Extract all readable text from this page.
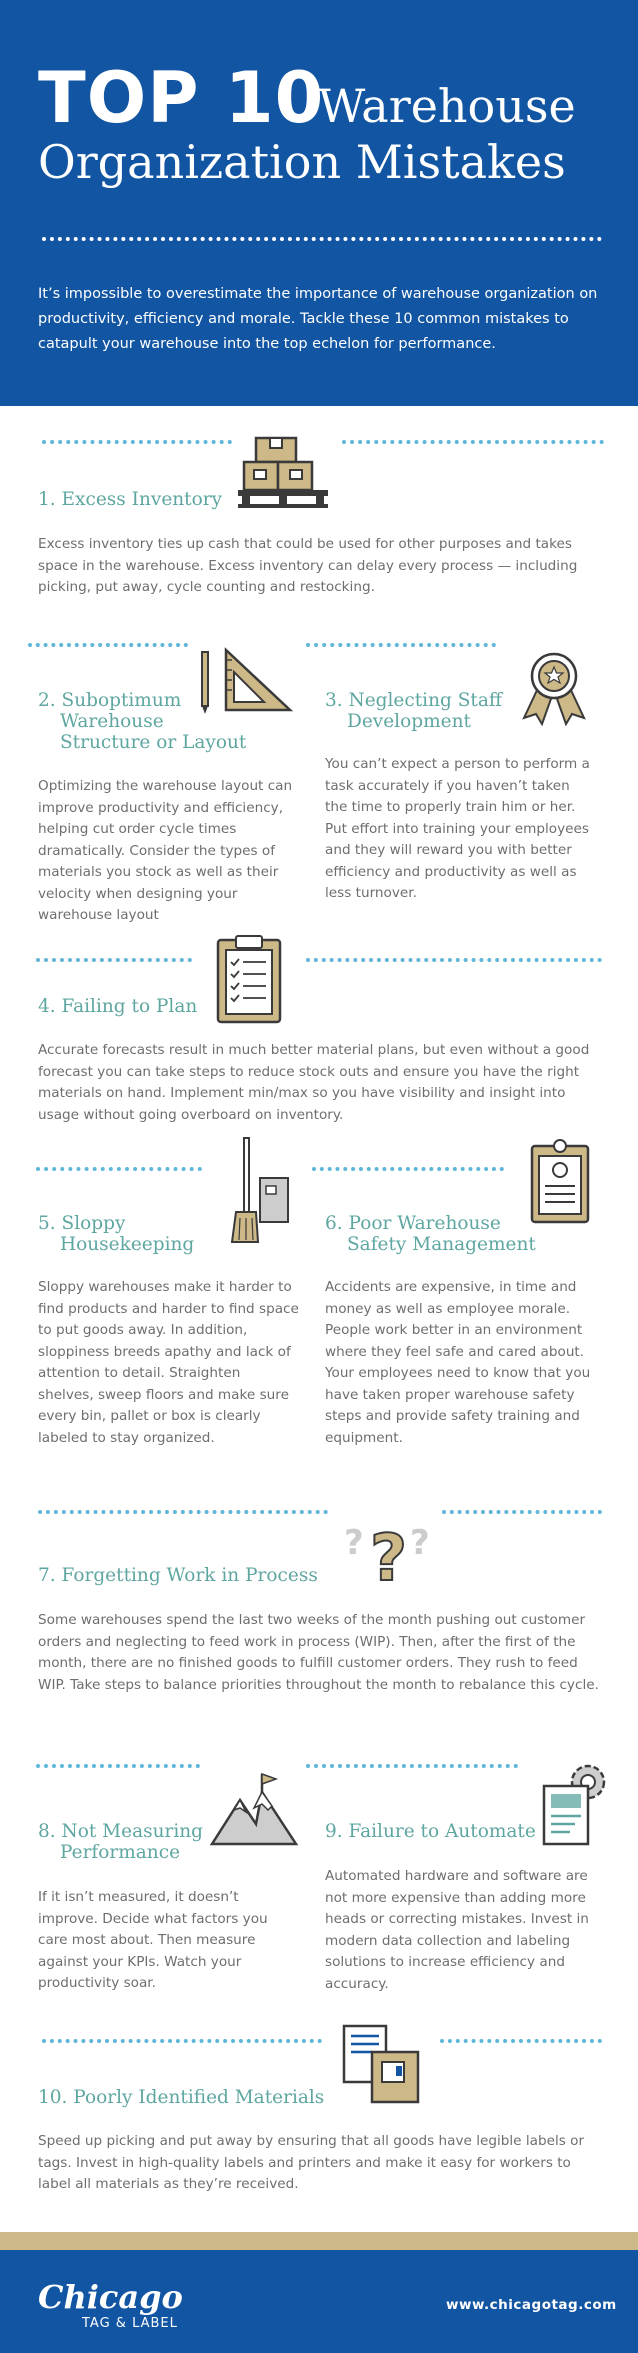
TOP 10
Warehouse
Organization Mistakes
It’s impossible to overestimate the importance of warehouse organization on productivity, efficiency and morale. Tackle these 10 common mistakes to catapult your warehouse into the top echelon for performance.
1. Excess Inventory
Excess inventory ties up cash that could be used for other purposes and takes space in the warehouse. Excess inventory can delay every process — including picking, put away, cycle counting and restocking.
2. Suboptimum
Warehouse
Structure or Layout
Optimizing the warehouse layout can improve productivity and efficiency, helping cut order cycle times dramatically. Consider the types of materials you stock as well as their velocity when designing your warehouse layout
3. Neglecting Staff
Development
You can’t expect a person to perform a task accurately if you haven’t taken the time to properly train him or her. Put effort into training your employees and they will reward you with better efficiency and productivity as well as less turnover.
4. Failing to Plan
Accurate forecasts result in much better material plans, but even without a good forecast you can take steps to reduce stock outs and ensure you have the right materials on hand. Implement min/max so you have visibility and insight into usage without going overboard on inventory.
5. Sloppy
Housekeeping
Sloppy warehouses make it harder to find products and harder to find space to put goods away. In addition, sloppiness breeds apathy and lack of attention to detail. Straighten shelves, sweep floors and make sure every bin, pallet or box is clearly labeled to stay organized.
6. Poor Warehouse
Safety Management
Accidents are expensive, in time and money as well as employee morale. People work better in an environment where they feel safe and cared about. Your employees need to know that you have taken proper warehouse safety steps and provide safety training and equipment.
? ? ?
7. Forgetting Work in Process
Some warehouses spend the last two weeks of the month pushing out customer orders and neglecting to feed work in process (WIP). Then, after the first of the month, there are no finished goods to fulfill customer orders. They rush to feed WIP. Take steps to balance priorities throughout the month to rebalance this cycle.
8. Not Measuring
Performance
If it isn’t measured, it doesn’t improve. Decide what factors you care most about. Then measure against your KPIs. Watch your productivity soar.
9. Failure to Automate
Automated hardware and software are not more expensive than adding more heads or correcting mistakes. Invest in modern data collection and labeling solutions to increase efficiency and accuracy.
10. Poorly Identified Materials
Speed up picking and put away by ensuring that all goods have legible labels or tags. Invest in high-quality labels and printers and make it easy for workers to label all materials as they’re received.
Chicago
TAG & LABEL
www.chicagotag.com
